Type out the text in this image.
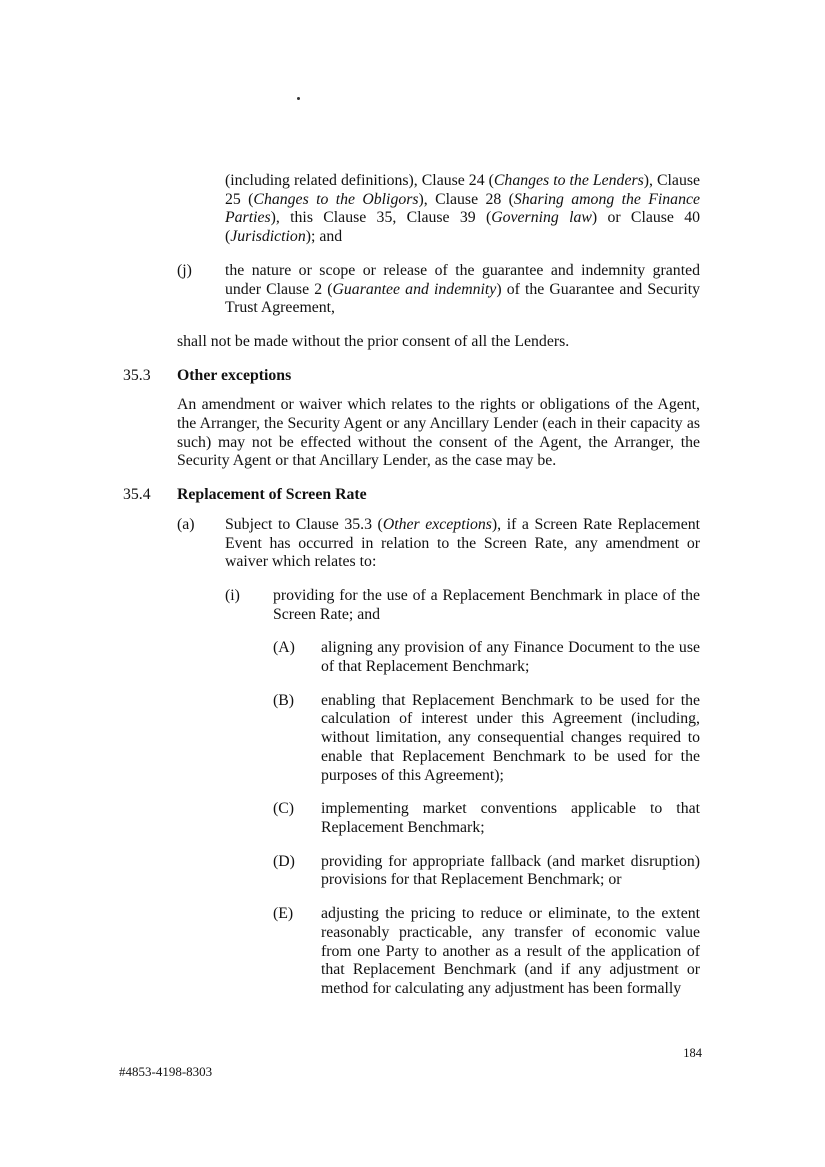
(including related definitions), Clause 24 (Changes to the Lenders), Clause 25 (Changes to the Obligors), Clause 28 (Sharing among the Finance Parties), this Clause 35, Clause 39 (Governing law) or Clause 40 (Jurisdiction); and

(j) the nature or scope or release of the guarantee and indemnity granted under Clause 2 (Guarantee and indemnity) of the Guarantee and Security Trust Agreement,

shall not be made without the prior consent of all the Lenders.

35.3 Other exceptions

An amendment or waiver which relates to the rights or obligations of the Agent, the Arranger, the Security Agent or any Ancillary Lender (each in their capacity as such) may not be effected without the consent of the Agent, the Arranger, the Security Agent or that Ancillary Lender, as the case may be.

35.4 Replacement of Screen Rate
(a) Subject to Clause 35.3 (Other exceptions), if a Screen Rate Replacement Event has occurred in relation to the Screen Rate, any amendment or waiver which relates to:

(i) providing for the use of a Replacement Benchmark in place of the Screen Rate; and

(A) aligning any provision of any Finance Document to the use of that Replacement Benchmark;

(B) enabling that Replacement Benchmark to be used for the calculation of interest under this Agreement (including, without limitation, any consequential changes required to enable that Replacement Benchmark to be used for the purposes of this Agreement);

(C) implementing market conventions applicable to that Replacement Benchmark;

(D) providing for appropriate fallback (and market disruption) provisions for that Replacement Benchmark; or

(E) adjusting the pricing to reduce or eliminate, to the extent reasonably practicable, any transfer of economic value from one Party to another as a result of the application of that Replacement Benchmark (and if any adjustment or method for calculating any adjustment has been formally

184
#4853-4198-8303
